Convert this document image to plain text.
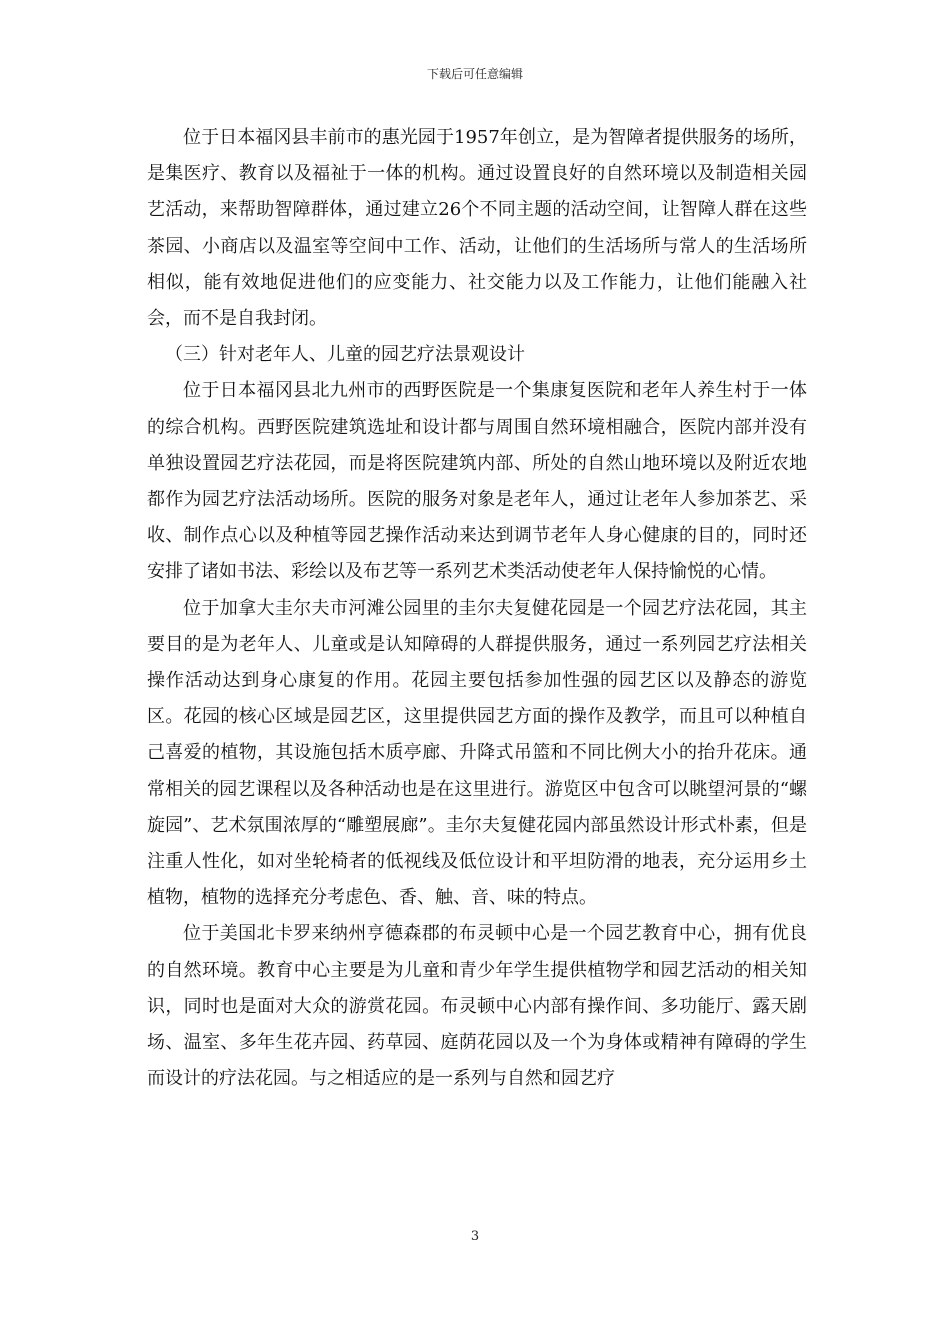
下载后可任意编辑

位于日本福冈县丰前市的惠光园于1957年创立，是为智障者提供服务的场所，是集医疗、教育以及福祉于一体的机构。通过设置良好的自然环境以及制造相关园艺活动，来帮助智障群体，通过建立26个不同主题的活动空间，让智障人群在这些茶园、小商店以及温室等空间中工作、活动，让他们的生活场所与常人的生活场所相似，能有效地促进他们的应变能力、社交能力以及工作能力，让他们能融入社会，而不是自我封闭。

（三）针对老年人、儿童的园艺疗法景观设计

位于日本福冈县北九州市的西野医院是一个集康复医院和老年人养生村于一体的综合机构。西野医院建筑选址和设计都与周围自然环境相融合，医院内部并没有单独设置园艺疗法花园，而是将医院建筑内部、所处的自然山地环境以及附近农地都作为园艺疗法活动场所。医院的服务对象是老年人，通过让老年人参加茶艺、采收、制作点心以及种植等园艺操作活动来达到调节老年人身心健康的目的，同时还安排了诸如书法、彩绘以及布艺等一系列艺术类活动使老年人保持愉悦的心情。

位于加拿大圭尔夫市河滩公园里的圭尔夫复健花园是一个园艺疗法花园，其主要目的是为老年人、儿童或是认知障碍的人群提供服务，通过一系列园艺疗法相关操作活动达到身心康复的作用。花园主要包括参加性强的园艺区以及静态的游览区。花园的核心区域是园艺区，这里提供园艺方面的操作及教学，而且可以种植自己喜爱的植物，其设施包括木质亭廊、升降式吊篮和不同比例大小的抬升花床。通常相关的园艺课程以及各种活动也是在这里进行。游览区中包含可以眺望河景的“螺旋园”、艺术氛围浓厚的“雕塑展廊”。圭尔夫复健花园内部虽然设计形式朴素，但是注重人性化，如对坐轮椅者的低视线及低位设计和平坦防滑的地表，充分运用乡土植物，植物的选择充分考虑色、香、触、音、味的特点。

位于美国北卡罗来纳州亨德森郡的布灵顿中心是一个园艺教育中心，拥有优良的自然环境。教育中心主要是为儿童和青少年学生提供植物学和园艺活动的相关知识，同时也是面对大众的游赏花园。布灵顿中心内部有操作间、多功能厅、露天剧场、温室、多年生花卉园、药草园、庭荫花园以及一个为身体或精神有障碍的学生而设计的疗法花园。与之相适应的是一系列与自然和园艺疗

3
